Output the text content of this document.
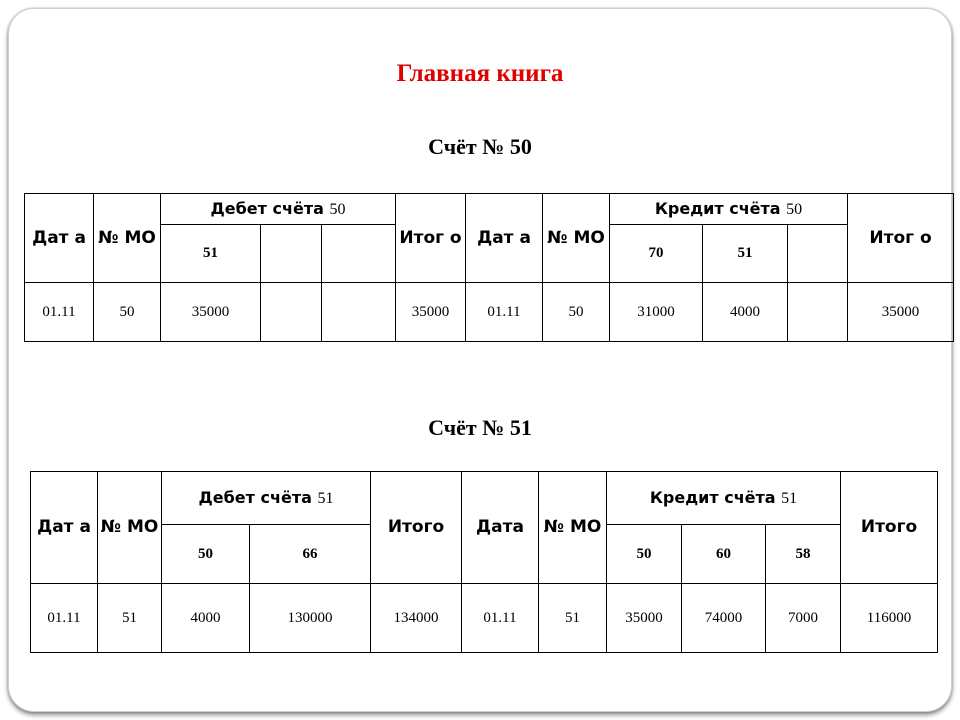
Главная книга
Счёт № 50
Дат а	№ МО	Дебет счёта 50			Итог о	Дат а	№ МО	Кредит счёта 50			Итог о
		51						70	51		
01.11	50	35000			35000	01.11	50	31000	4000		35000
Счёт № 51
Дат а	№ МО	Дебет счёта 51		Итого	Дата	№ МО	Кредит счёта 51			Итого
		50	66				50	60	58	
01.11	51	4000	130000	134000	01.11	51	35000	74000	7000	116000
